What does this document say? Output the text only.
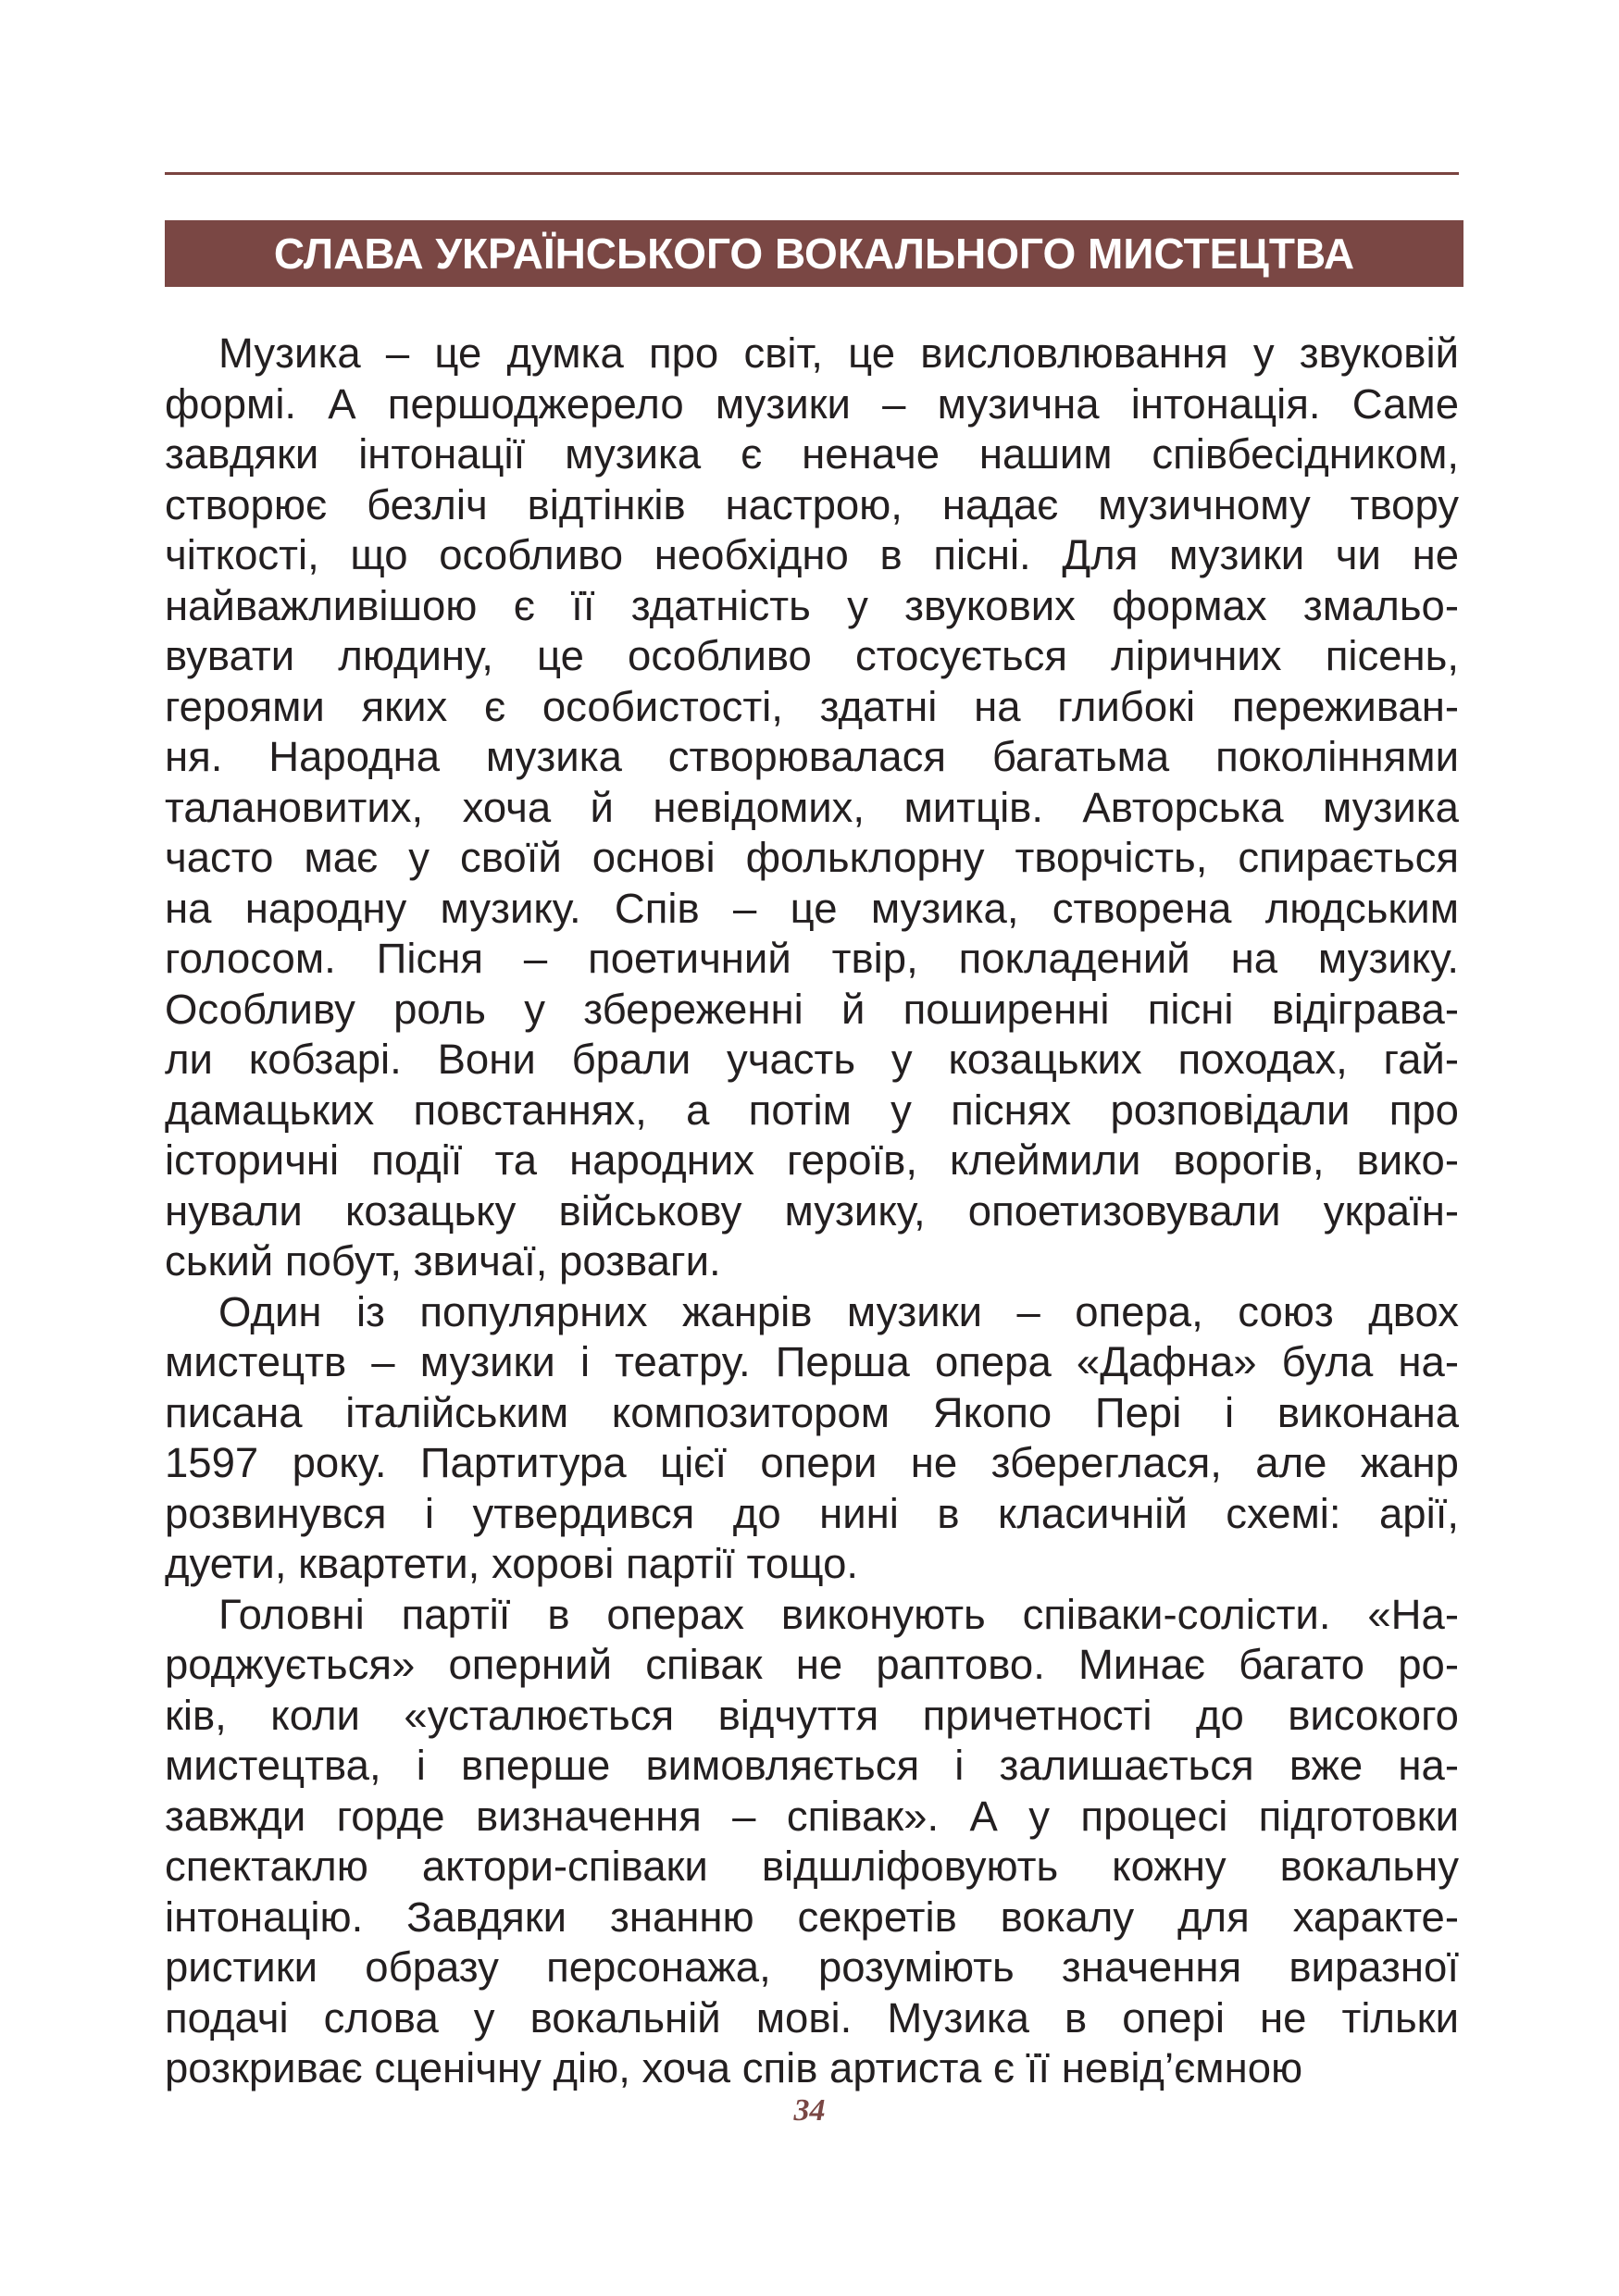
СЛАВА УКРАЇНСЬКОГО ВОКАЛЬНОГО МИСТЕЦТВА
Музика – це думка про світ, це висловлювання у звуковій
формі. А першоджерело музики – музична інтонація. Саме
завдяки інтонації музика є неначе нашим співбесідником,
створює безліч відтінків настрою, надає музичному твору
чіткості, що особливо необхідно в пісні. Для музики чи не
найважливішою є її здатність у звукових формах змальо-
вувати людину, це особливо стосується ліричних пісень,
героями яких є особистості, здатні на глибокі переживан-
ня. Народна музика створювалася багатьма поколіннями
талановитих, хоча й невідомих, митців. Авторська музика
часто має у своїй основі фольклорну творчість, спирається
на народну музику. Спів – це музика, створена людським
голосом. Пісня – поетичний твір, покладений на музику.
Особливу роль у збереженні й поширенні пісні відіграва-
ли кобзарі. Вони брали участь у козацьких походах, гай-
дамацьких повстаннях, а потім у піснях розповідали про
історичні події та народних героїв, клеймили ворогів, вико-
нували козацьку військову музику, опоетизовували україн-
ський побут, звичаї, розваги.
Один із популярних жанрів музики – опера, союз двох
мистецтв – музики і театру. Перша опера «Дафна» була на-
писана італійським композитором Якопо Пері і виконана
1597 року. Партитура цієї опери не збереглася, але жанр
розвинувся і утвердився до нині в класичній схемі: арії,
дуети, квартети, хорові партії тощо.
Головні партії в операх виконують співаки-солісти. «На-
роджується» оперний співак не раптово. Минає багато ро-
ків, коли «усталюється відчуття причетності до високого
мистецтва, і вперше вимовляється і залишається вже на-
завжди горде визначення – співак». А у процесі підготовки
спектаклю актори-співаки відшліфовують кожну вокальну
інтонацію. Завдяки знанню секретів вокалу для характе-
ристики образу персонажа, розуміють значення виразної
подачі слова у вокальній мові. Музика в опері не тільки
розкриває сценічну дію, хоча спів артиста є її невід’ємною
34
